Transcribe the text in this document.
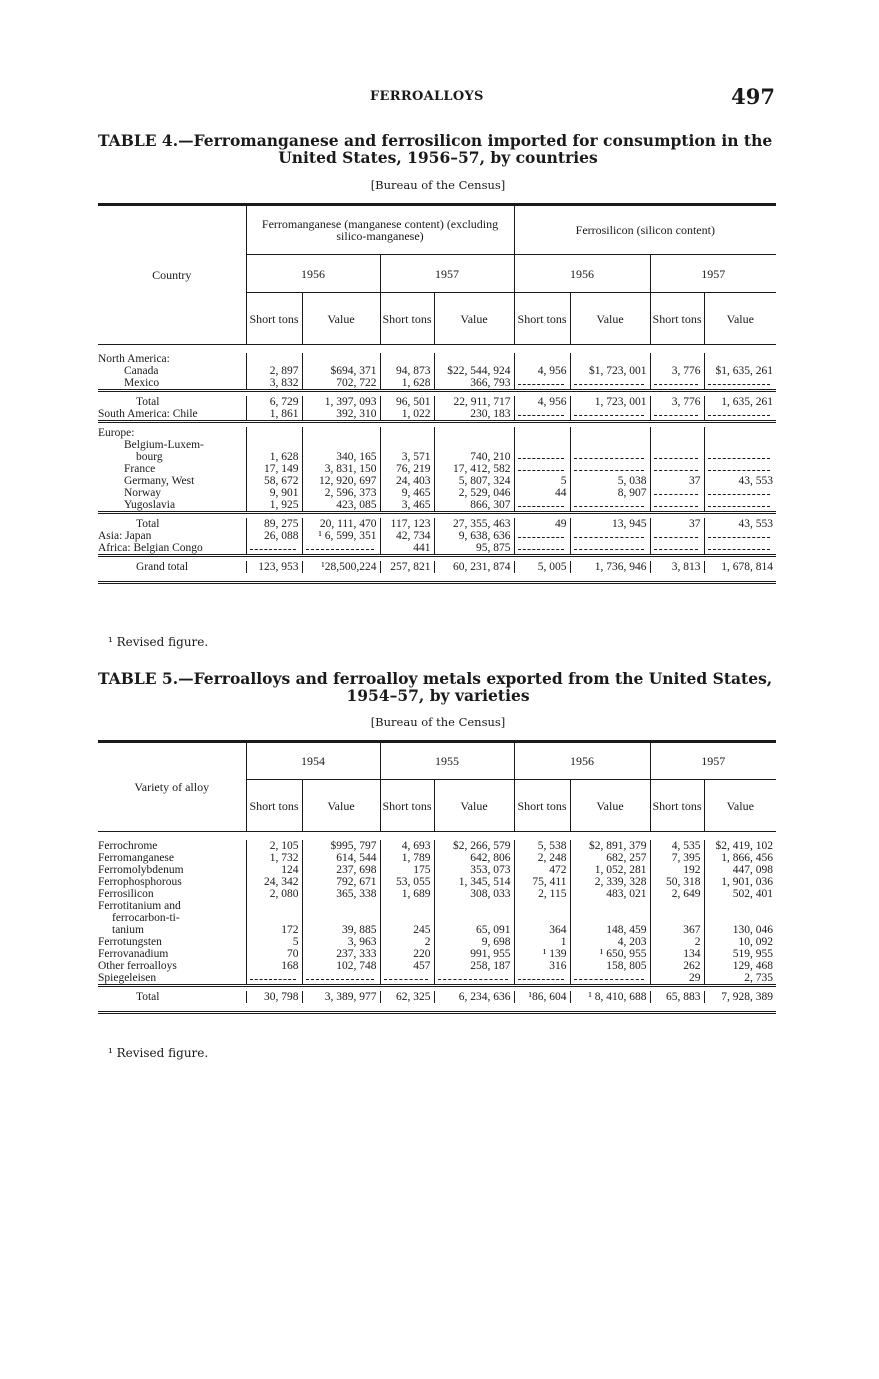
FERROALLOYS	497
TABLE 4.—Ferromanganese and ferrosilicon imported for consumption in the
United States, 1956–57, by countries
[Bureau of the Census]
Country	Ferromanganese (manganese content) (excluding silico-manganese)				Ferrosilicon (silicon content)			
	1956		1957		1956		1957	
	Short tons	Value	Short tons	Value	Short tons	Value	Short tons	Value

North America:								
Canada	2, 897	$694, 371	94, 873	$22, 544, 924	4, 956	$1, 723, 001	3, 776	$1, 635, 261
Mexico	3, 832	702, 722	1, 628	366, 793	

Total	6, 729	1, 397, 093	96, 501	22, 911, 717	4, 956	1, 723, 001	3, 776	1, 635, 261
South America: Chile	1, 861	392, 310	1, 022	230, 183	

Europe:								
Belgium-Luxem-								
bourg	1, 628	340, 165	3, 571	740, 210	

France	17, 149	3, 831, 150	76, 219	17, 412, 582	

Germany, West	58, 672	12, 920, 697	24, 403	5, 807, 324	5	5, 038	37	43, 553
Norway	9, 901	2, 596, 373	9, 465	2, 529, 046	44	8, 907	

Yugoslavia	1, 925	423, 085	3, 465	866, 307	

Total	89, 275	20, 111, 470	117, 123	27, 355, 463	49	13, 945	37	43, 553
Asia: Japan	26, 088	¹ 6, 599, 351	42, 734	9, 638, 636	

Africa: Belgian Congo			441	95, 875	

Grand total	123, 953	¹28,500,224	257, 821	60, 231, 874	5, 005	1, 736, 946	3, 813	1, 678, 814

¹ Revised figure.
TABLE 5.—Ferroalloys and ferroalloy metals exported from the United States,
1954–57, by varieties
[Bureau of the Census]
Variety of alloy	1954		1955		1956		1957	
	Short tons	Value	Short tons	Value	Short tons	Value	Short tons	Value

Ferrochrome	2, 105	$995, 797	4, 693	$2, 266, 579	5, 538	$2, 891, 379	4, 535	$2, 419, 102
Ferromanganese	1, 732	614, 544	1, 789	642, 806	2, 248	682, 257	7, 395	1, 866, 456
Ferromolybdenum	124	237, 698	175	353, 073	472	1, 052, 281	192	447, 098
Ferrophosphorous	24, 342	792, 671	53, 055	1, 345, 514	75, 411	2, 339, 328	50, 318	1, 901, 036
Ferrosilicon	2, 080	365, 338	1, 689	308, 033	2, 115	483, 021	2, 649	502, 401
Ferrotitanium and								
ferrocarbon-ti-								
tanium	172	39, 885	245	65, 091	364	148, 459	367	130, 046
Ferrotungsten	5	3, 963	2	9, 698	1	4, 203	2	10, 092
Ferrovanadium	70	237, 333	220	991, 955	¹ 139	¹ 650, 955	134	519, 955
Other ferroalloys	168	102, 748	457	258, 187	316	158, 805	262	129, 468
Spiegeleisen							29	2, 735

Total	30, 798	3, 389, 977	62, 325	6, 234, 636	¹86, 604	¹ 8, 410, 688	65, 883	7, 928, 389

¹ Revised figure.
